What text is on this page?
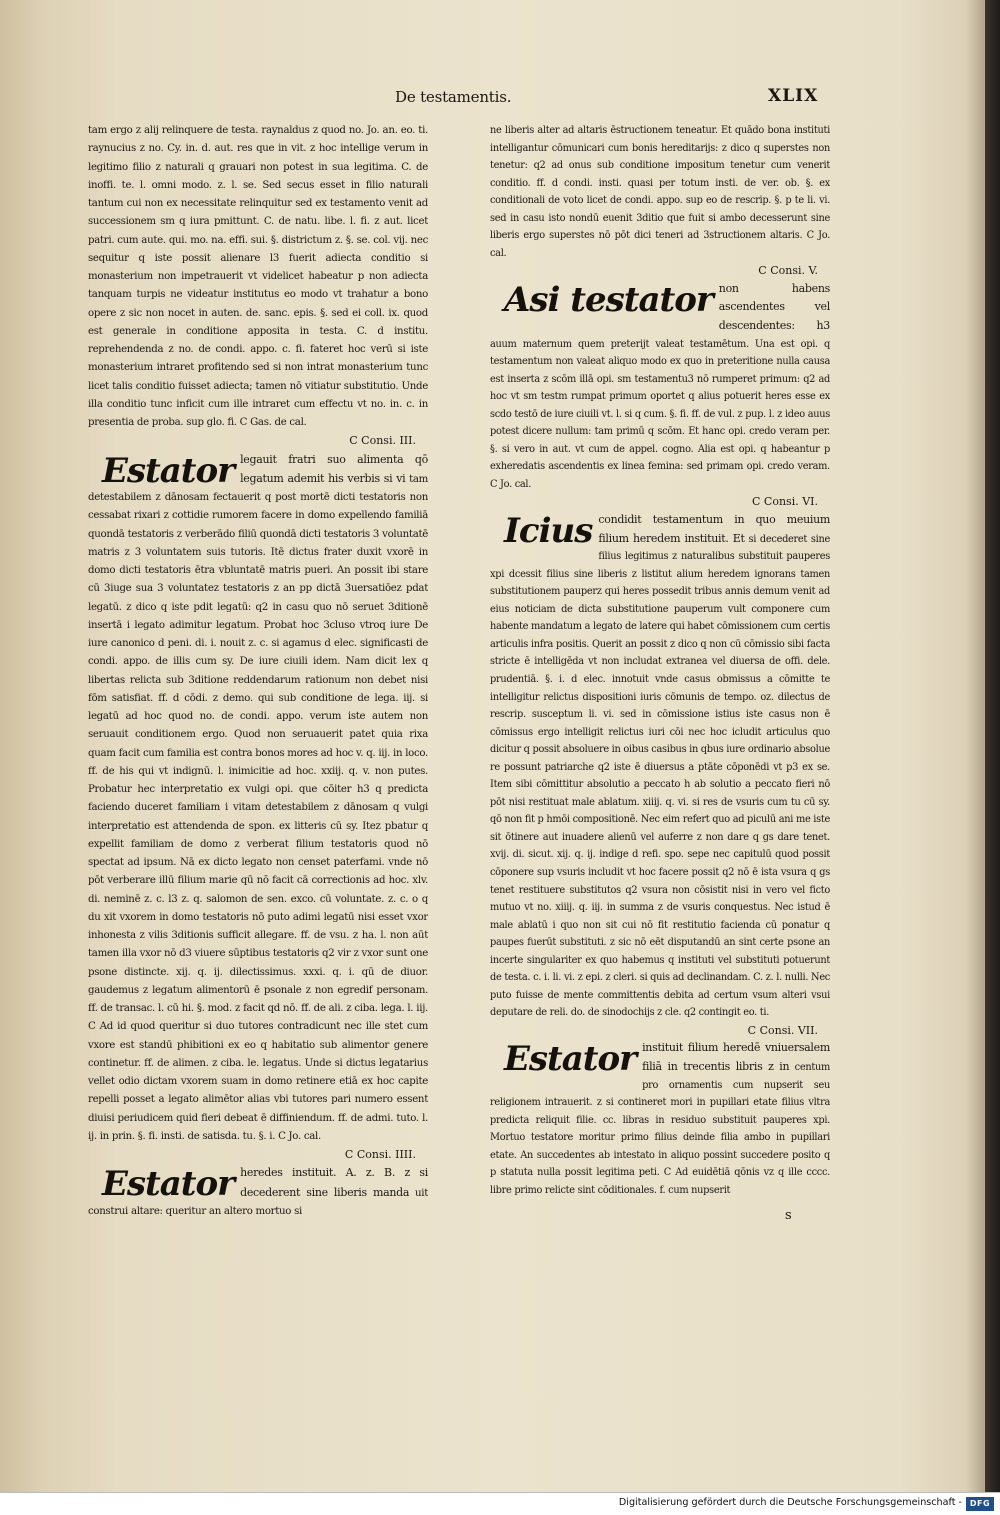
De testamentis.	XLIX

tam ergo z alij relinquere de testa. raynaldus z quod no. Jo. an. eo. ti. raynucius z no. Cy. in. d. aut. res que in vit. z hoc intellige verum in legitimo filio z naturali q grauari non potest in sua legitima. C. de inoffi. te. l. omni modo. z. l. se. Sed secus esset in filio naturali tantum cui non ex necessitate relinquitur sed ex testamento venit ad successionem sm q iura pmittunt. C. de natu. libe. l. fi. z aut. licet patri. cum aute. qui. mo. na. effi. sui. §. districtum z. §. se. col. vij. nec sequitur q iste possit alienare l3 fuerit adiecta conditio si monasterium non impetrauerit vt videlicet habeatur p non adiecta tanquam turpis ne videatur institutus eo modo vt trahatur a bono opere z sic non nocet in auten. de. sanc. epis. §. sed ei coll. ix. quod est generale in conditione apposita in testa. C. d institu. reprehendenda z no. de condi. appo. c. fi. fateret hoc verū si iste monasterium intraret profitendo sed si non intrat monasterium tunc licet talis conditio fuisset adiecta; tamen nō vitiatur substitutio. Unde illa conditio tunc inficit cum ille intraret cum effectu vt no. in. c. in presentia de proba. sup glo. fi. C Gas. de cal.

C Consi. III.
Estator legauit fratri suo alimenta qō legatum ademit his verbis si vi tam detestabilem z dānosam fectauerit q post mortē dicti testatoris non cessabat rixari z cottidie rumorem facere in domo expellendo familiā quondā testatoris z verberādo filiū quondā dicti testatoris 3 voluntatē matris z 3 voluntatem suis tutoris. Itē dictus frater duxit vxorē in domo dicti testatoris ētra vbluntatē matris pueri. An possit ibi stare cū 3iuge sua 3 voluntatez testatoris z an pp dictā 3uersatiōez pdat legatū. z dico q iste pdit legatū: q2 in casu quo nō seruet 3ditionē insertā i legato adimitur legatum. Probat hoc 3cluso vtroq iure De iure canonico d peni. di. i. nouit z. c. si agamus d elec. significasti de condi. appo. de illis cum sy. De iure ciuili idem. Nam dicit lex q libertas relicta sub 3ditione reddendarum rationum non debet nisi fōm satisfiat. ff. d cōdi. z demo. qui sub conditione de lega. iij. si legatū ad hoc quod no. de condi. appo. verum iste autem non seruauit conditionem ergo. Quod non seruauerit patet quia rixa quam facit cum familia est contra bonos mores ad hoc v. q. iij. in loco. ff. de his qui vt indignū. l. inimicitie ad hoc. xxiij. q. v. non putes. Probatur hec interpretatio ex vulgi opi. que cōiter h3 q predicta faciendo duceret familiam i vitam detestabilem z dānosam q vulgi interpretatio est attendenda de spon. ex litteris cū sy. Itez pbatur q expellit familiam de domo z verberat filium testatoris quod nō spectat ad ipsum. Nā ex dicto legato non censet paterfami. vnde nō pōt verberare illū filium marie qū nō facit cā correctionis ad hoc. xlv. di. neminē z. c. l3 z. q. salomon de sen. exco. cū voluntate. z. c. o q du xit vxorem in domo testatoris nō puto adimi legatū nisi esset vxor inhonesta z vilis 3ditionis sufficit allegare. ff. de vsu. z ha. l. non aūt tamen illa vxor nō d3 viuere sūptibus testatoris q2 vir z vxor sunt one psone distincte. xij. q. ij. dilectissimus. xxxi. q. i. qū de diuor. gaudemus z legatum alimentorū ē psonale z non egredif personam. ff. de transac. l. cū hi. §. mod. z facit qd nō. ff. de ali. z ciba. lega. l. iij. C Ad id quod queritur si duo tutores contradicunt nec ille stet cum vxore est standū phibitioni ex eo q habitatio sub alimentor genere continetur. ff. de alimen. z ciba. le. legatus. Unde si dictus legatarius vellet odio dictam vxorem suam in domo retinere etiā ex hoc capite repelli posset a legato alimētor alias vbi tutores pari numero essent diuisi periudicem quid fieri debeat ē diffiniendum. ff. de admi. tuto. l. ij. in prin. §. fi. insti. de satisda. tu. §. i. C Jo. cal.
C Consi. IIII.
Estator heredes instituit. A. z. B. z si decederent sine liberis manda uit construi altare: queritur an altero mortuo si

ne liberis alter ad altaris ēstructionem teneatur. Et quādo bona instituti intelligantur cōmunicari cum bonis hereditarijs: z dico q superstes non tenetur: q2 ad onus sub conditione impositum tenetur cum venerit conditio. ff. d condi. insti. quasi per totum insti. de ver. ob. §. ex conditionali de voto licet de condi. appo. sup eo de rescrip. §. p te li. vi. sed in casu isto nondū euenit 3ditio que fuit si ambo decesserunt sine liberis ergo superstes nō pōt dici teneri ad 3structionem altaris. C Jo. cal.

C Consi. V.
Asi testator non habens ascendentes vel descendentes: h3 auum maternum quem preterijt valeat testamētum. Una est opi. q testamentum non valeat aliquo modo ex quo in preteritione nulla causa est inserta z scōm illā opi. sm testamentu3 nō rumperet primum: q2 ad hoc vt sm testm rumpat primum oportet q alius potuerit heres esse ex scdo testō de iure ciuili vt. l. si q cum. §. fi. ff. de vul. z pup. l. z ideo auus potest dicere nullum: tam primū q scōm. Et hanc opi. credo veram per. §. si vero in aut. vt cum de appel. cogno. Alia est opi. q habeantur p exheredatis ascendentis ex linea femina: sed primam opi. credo veram. C Jo. cal.
C Consi. VI.
Icius condidit testamentum in quo meuium filium heredem instituit. Et si decederet sine filius legitimus z naturalibus substituit pauperes xpi dcessit filius sine liberis z listitut alium heredem ignorans tamen substitutionem pauperz qui heres possedit tribus annis demum venit ad eius noticiam de dicta substitutione pauperum vult componere cum habente mandatum a legato de latere qui habet cōmissionem cum certis articulis infra positis. Querit an possit z dico q non cū cōmissio sibi facta stricte ē intelligēda vt non includat extranea vel diuersa de offi. dele. prudentiā. §. i. d elec. innotuit vnde casus obmissus a cōmitte te intelligitur relictus dispositioni iuris cōmunis de tempo. oz. dilectus de rescrip. susceptum li. vi. sed in cōmissione istius iste casus non ē cōmissus ergo intelligit relictus iuri cōi nec hoc icludit articulus quo dicitur q possit absoluere in oibus casibus in qbus iure ordinario absolue re possunt patriarche q2 iste ē diuersus a ptāte cōponēdi vt p3 ex se. Item sibi cōmittitur absolutio a peccato h ab solutio a peccato fieri nō pōt nisi restituat male ablatum. xiiij. q. vi. si res de vsuris cum tu cū sy. qō non fit p hmōi compositionē. Nec eim refert quo ad piculū ani me iste sit ōtinere aut inuadere alienū vel auferre z non dare q gs dare tenet. xvij. di. sicut. xij. q. ij. indige d refi. spo. sepe nec capitulū quod possit cōponere sup vsuris includit vt hoc facere possit q2 nō ē ista vsura q gs tenet restituere substitutos q2 vsura non cōsistit nisi in vero vel ficto mutuo vt no. xiiij. q. iij. in summa z de vsuris conquestus. Nec istud ē male ablatū i quo non sit cui nō fit restitutio facienda cū ponatur q paupes fuerūt substituti. z sic nō eēt disputandū an sint certe psone an incerte singulariter ex quo habemus q instituti vel substituti potuerunt de testa. c. i. li. vi. z epi. z cleri. si quis ad declinandam. C. z. l. nulli. Nec puto fuisse de mente committentis debita ad certum vsum alteri vsui deputare de reli. do. de sinodochijs z cle. q2 contingit eo. ti.
C Consi. VII.
Estator instituit filium heredē vniuersalem filiā in trecentis libris z in centum pro ornamentis cum nupserit seu religionem intrauerit. z si contineret mori in pupillari etate filius vltra predicta reliquit filie. cc. libras in residuo substituit pauperes xpi. Mortuo testatore moritur primo filius deinde filia ambo in pupillari etate. An succedentes ab intestato in aliquo possint succedere posito q p statuta nulla possit legitima peti. C Ad euidētiā qōnis vz q ille cccc. libre primo relicte sint cōditionales. f. cum nupserit
s
Digitalisierung gefördert durch die Deutsche Forschungsgemeinschaft - DFG
